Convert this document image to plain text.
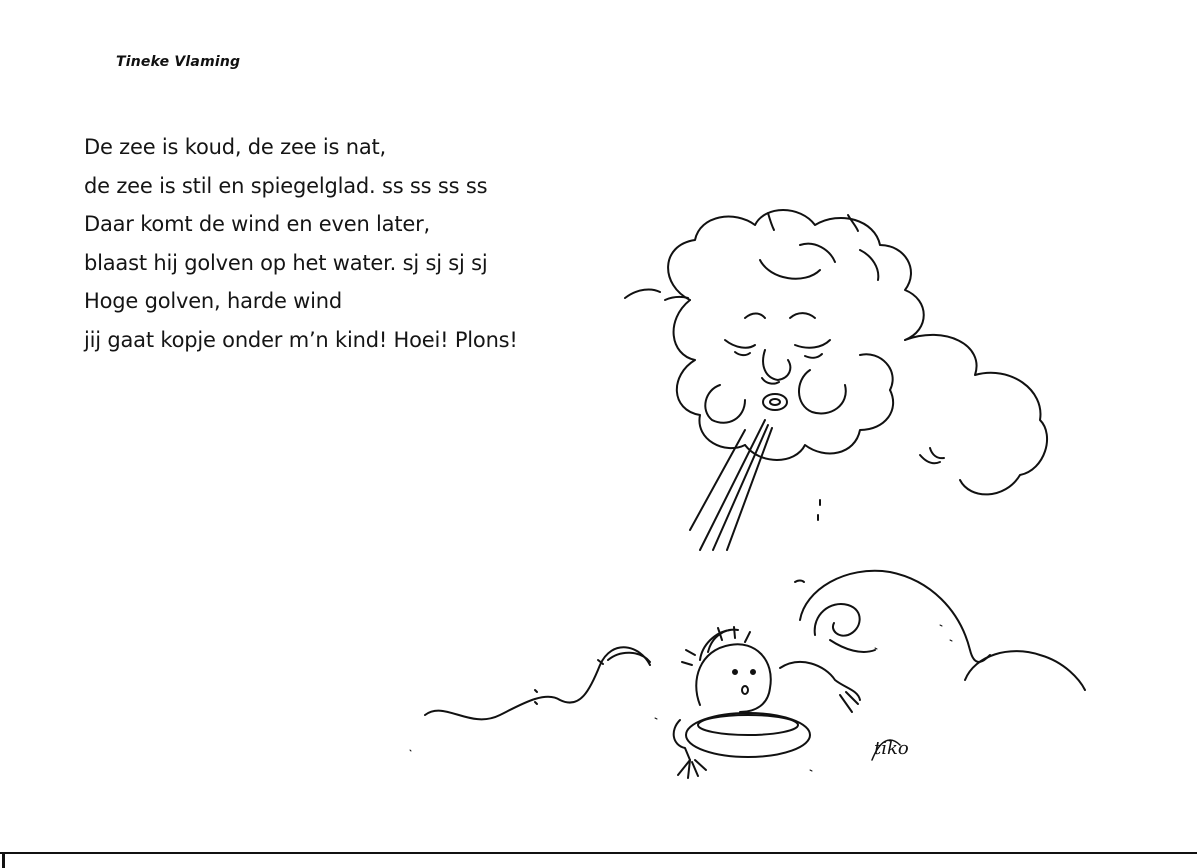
Tineke Vlaming
De zee is koud, de zee is nat,
de zee is stil en spiegelglad. ss ss ss ss
Daar komt de wind en even later,
blaast hij golven op het water. sj sj sj sj
Hoge golven, harde wind
jij gaat kopje onder m’n kind! Hoei! Plons!
tiko
